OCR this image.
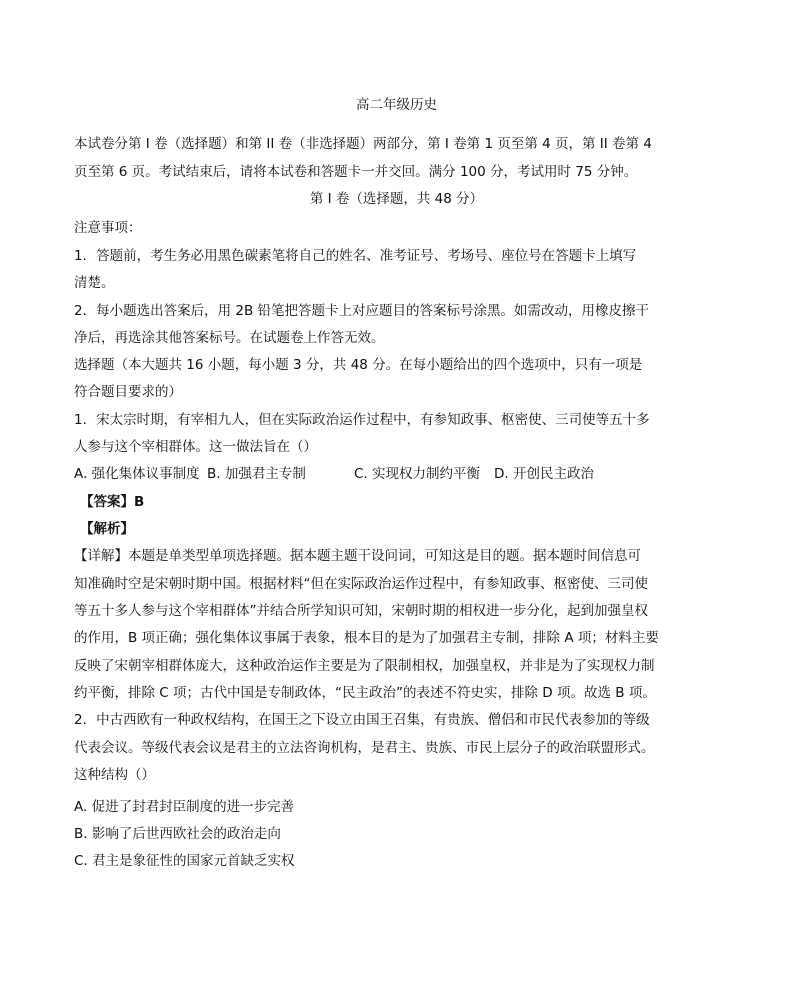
高二年级历史
本试卷分第 I 卷（选择题）和第 II 卷（非选择题）两部分，第 I 卷第 1 页至第 4 页，第 II 卷第 4
页至第 6 页。考试结束后，请将本试卷和答题卡一并交回。满分 100 分，考试用时 75 分钟。
第 I 卷（选择题，共 48 分）
注意事项：
1．答题前，考生务必用黑色碳素笔将自己的姓名、准考证号、考场号、座位号在答题卡上填写
清楚。
2．每小题选出答案后，用 2B 铅笔把答题卡上对应题目的答案标号涂黑。如需改动，用橡皮擦干
净后，再选涂其他答案标号。在试题卷上作答无效。
选择题（本大题共 16 小题，每小题 3 分，共 48 分。在每小题给出的四个选项中，只有一项是
符合题目要求的）
1．宋太宗时期，有宰相九人，但在实际政治运作过程中，有参知政事、枢密使、三司使等五十多
人参与这个宰相群体。这一做法旨在（）
A. 强化集体议事制度 B. 加强君主专制	C. 实现权力制约平衡 D. 开创民主政治
【答案】B
【解析】
【详解】本题是单类型单项选择题。据本题主题干设问词，可知这是目的题。据本题时间信息可
知准确时空是宋朝时期中国。根据材料“但在实际政治运作过程中，有参知政事、枢密使、三司使
等五十多人参与这个宰相群体”并结合所学知识可知，宋朝时期的相权进一步分化，起到加强皇权
的作用，B 项正确；强化集体议事属于表象，根本目的是为了加强君主专制，排除 A 项；材料主要
反映了宋朝宰相群体庞大，这种政治运作主要是为了限制相权，加强皇权，并非是为了实现权力制
约平衡，排除 C 项；古代中国是专制政体，“民主政治”的表述不符史实，排除 D 项。故选 B 项。
2．中古西欧有一种政权结构，在国王之下设立由国王召集，有贵族、僧侣和市民代表参加的等级
代表会议。等级代表会议是君主的立法咨询机构，是君主、贵族、市民上层分子的政治联盟形式。
这种结构（）
A. 促进了封君封臣制度的进一步完善
B. 影响了后世西欧社会的政治走向
C. 君主是象征性的国家元首缺乏实权
